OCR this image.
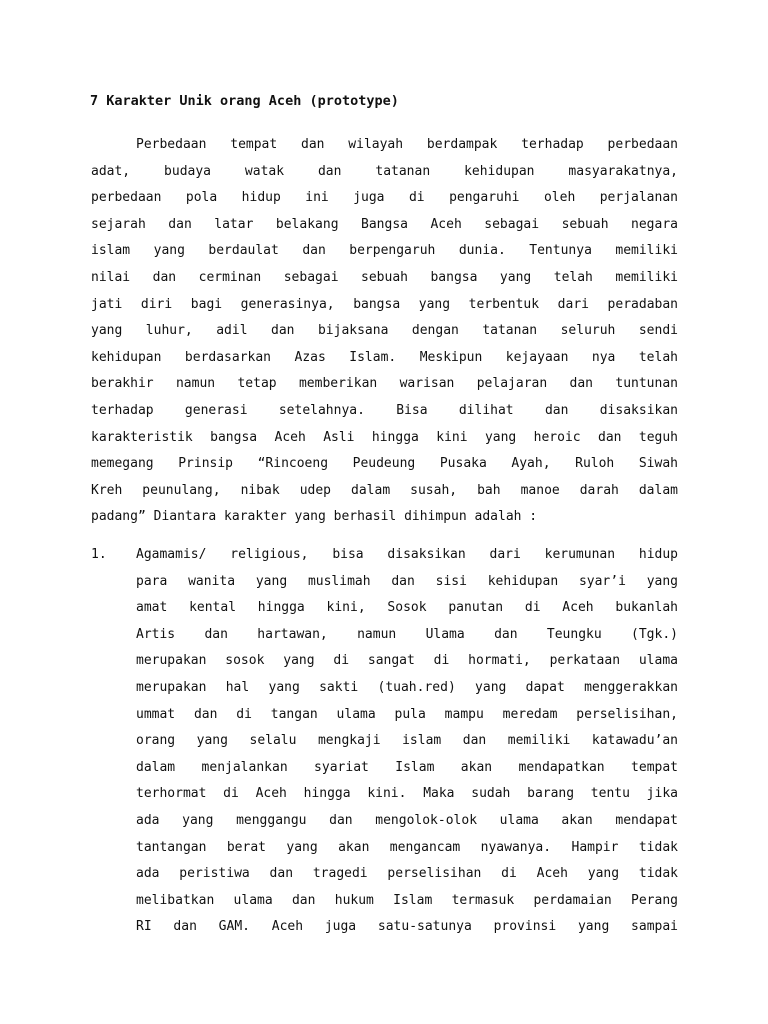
7 Karakter Unik orang Aceh (prototype)
Perbedaan tempat dan wilayah berdampak terhadap perbedaan
adat, budaya watak dan tatanan kehidupan masyarakatnya,
perbedaan pola hidup ini juga di pengaruhi oleh perjalanan
sejarah dan latar belakang Bangsa Aceh sebagai sebuah negara
islam yang berdaulat dan berpengaruh dunia. Tentunya memiliki
nilai dan cerminan sebagai sebuah bangsa yang telah memiliki
jati diri bagi generasinya, bangsa yang terbentuk dari peradaban
yang luhur, adil dan bijaksana dengan tatanan seluruh sendi
kehidupan berdasarkan Azas Islam. Meskipun kejayaan nya telah
berakhir namun tetap memberikan warisan pelajaran dan tuntunan
terhadap generasi setelahnya. Bisa dilihat dan disaksikan
karakteristik bangsa Aceh Asli hingga kini yang heroic dan teguh
memegang Prinsip “Rincoeng Peudeung Pusaka Ayah, Ruloh Siwah
Kreh peunulang, nibak udep dalam susah, bah manoe darah dalam
padang” Diantara karakter yang berhasil dihimpun adalah :
1. Agamamis/ religious, bisa disaksikan dari kerumunan hidup
para wanita yang muslimah dan sisi kehidupan syar’i yang
amat kental hingga kini, Sosok panutan di Aceh bukanlah
Artis dan hartawan, namun Ulama dan Teungku (Tgk.)
merupakan sosok yang di sangat di hormati, perkataan ulama
merupakan hal yang sakti (tuah.red) yang dapat menggerakkan
ummat dan di tangan ulama pula mampu meredam perselisihan,
orang yang selalu mengkaji islam dan memiliki katawadu’an
dalam menjalankan syariat Islam akan mendapatkan tempat
terhormat di Aceh hingga kini. Maka sudah barang tentu jika
ada yang menggangu dan mengolok-olok ulama akan mendapat
tantangan berat yang akan mengancam nyawanya. Hampir tidak
ada peristiwa dan tragedi perselisihan di Aceh yang tidak
melibatkan ulama dan hukum Islam termasuk perdamaian Perang
RI dan GAM. Aceh juga satu-satunya provinsi yang sampai
